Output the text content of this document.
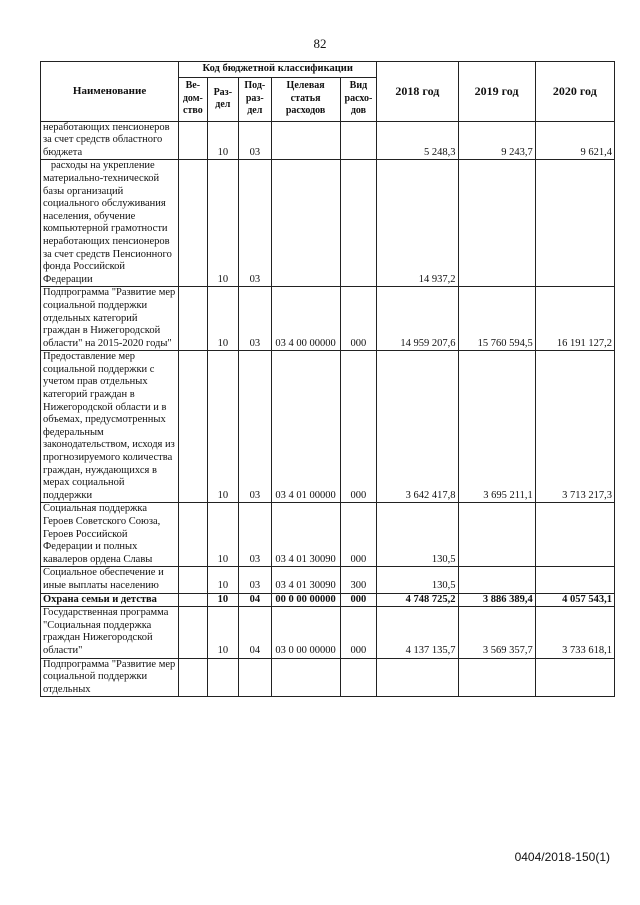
82
Наименование	Код бюджетной классификации					2018 год	2019 год	2020 год
	Ве-дом-ство	Раз-дел	Под-раз-дел	Целевая статья расходов	Вид расхо-дов			
неработающих пенсионеров за счет средств областного бюджета		10	03			5 248,3	9 243,7	9 621,4
расходы на укрепление материально-технической базы организаций социального обслуживания населения, обучение компьютерной грамотности неработающих пенсионеров за счет средств Пенсионного фонда Российской Федерации		10	03			14 937,2		
Подпрограмма "Развитие мер социальной поддержки отдельных категорий граждан в Нижегородской области" на 2015-2020 годы"		10	03	03 4 00 00000	000	14 959 207,6	15 760 594,5	16 191 127,2
Предоставление мер социальной поддержки с учетом прав отдельных категорий граждан в Нижегородской области и в объемах, предусмотренных федеральным законодательством, исходя из прогнозируемого количества граждан, нуждающихся в мерах социальной поддержки		10	03	03 4 01 00000	000	3 642 417,8	3 695 211,1	3 713 217,3
Социальная поддержка Героев Советского Союза, Героев Российской Федерации и полных кавалеров ордена Славы		10	03	03 4 01 30090	000	130,5		
Социальное обеспечение и иные выплаты населению		10	03	03 4 01 30090	300	130,5		
Охрана семьи и детства		10	04	00 0 00 00000	000	4 748 725,2	3 886 389,4	4 057 543,1
Государственная программа "Социальная поддержка граждан Нижегородской области"		10	04	03 0 00 00000	000	4 137 135,7	3 569 357,7	3 733 618,1
Подпрограмма "Развитие мер социальной поддержки отдельных								
0404/2018-150(1)
